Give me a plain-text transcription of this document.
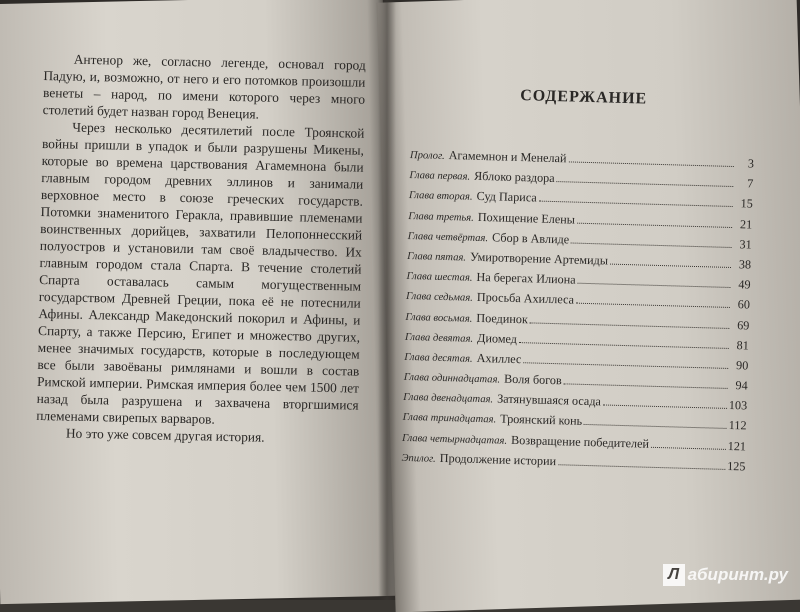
Антенор же, согласно легенде, основал город Падую, и, возможно, от него и его потомков произошли венеты – народ, по имени которого через много столетий будет назван город Венеция.

Через несколько десятилетий после Троянской войны пришли в упадок и были разрушены Микены, которые во времена царствования Агамемнона были главным городом древних эллинов и занимали верховное место в союзе греческих государств. Потомки знаменитого Геракла, правившие племенами воинственных дорийцев, захватили Пелопоннесский полуостров и установили там своё владычество. Их главным городом стала Спарта. В течение столетий Спарта оставалась самым могущественным государством Древней Греции, пока её не потеснили Афины. Александр Македонский покорил и Афины, и Спарту, а также Персию, Египет и множество других, менее значимых государств, которые в последующем все были завоёваны римлянами и вошли в состав Римской империи. Римская империя более чем 1500 лет назад была разрушена и захвачена вторгшимися племенами свирепых варваров.

Но это уже совсем другая история.

СОДЕРЖАНИЕ
Пролог. Агамемнон и Менелай	3
Глава первая. Яблоко раздора	7
Глава вторая. Суд Париса	15
Глава третья. Похищение Елены	21
Глава четвёртая. Сбор в Авлиде	31
Глава пятая. Умиротворение Артемиды	38
Глава шестая. На берегах Илиона	49
Глава седьмая. Просьба Ахиллеса	60
Глава восьмая. Поединок	69
Глава девятая. Диомед	81
Глава десятая. Ахиллес	90
Глава одиннадцатая. Воля богов	94
Глава двенадцатая. Затянувшаяся осада	103
Глава тринадцатая. Троянский конь	112
Глава четырнадцатая. Возвращение победителей	121
Эпилог. Продолжение истории	125
Л абиринт.ру
